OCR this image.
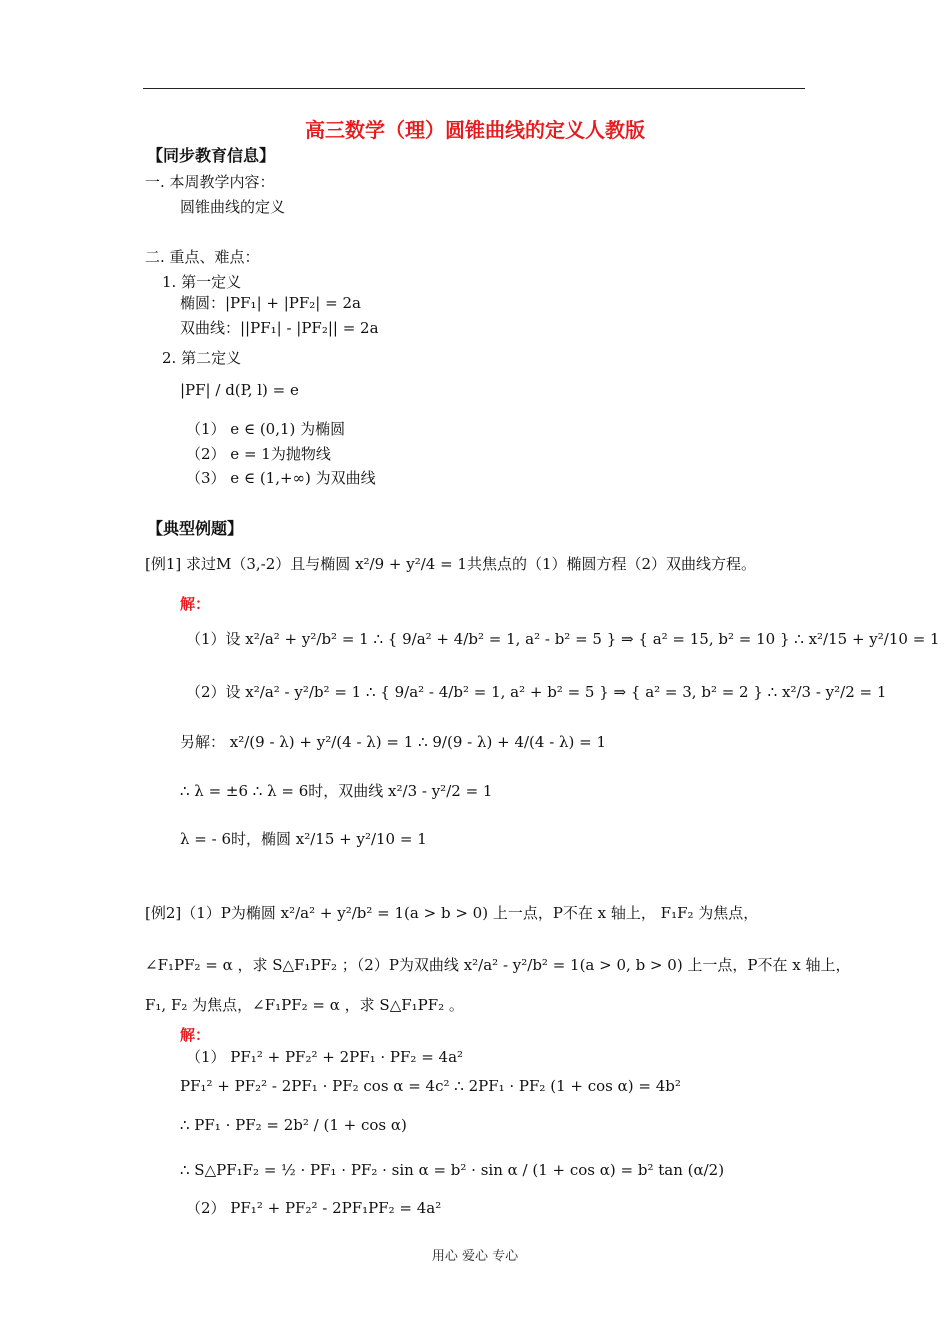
高三数学（理）圆锥曲线的定义人教版
【同步教育信息】
一. 本周教学内容：
圆锥曲线的定义
二. 重点、难点：
1. 第一定义
椭圆：|PF₁| + |PF₂| = 2a
双曲线：||PF₁| - |PF₂|| = 2a
2. 第二定义
|PF| / d(P, l) = e
（1） e ∈ (0,1) 为椭圆
（2） e = 1为抛物线
（3） e ∈ (1,+∞) 为双曲线
【典型例题】
[例1] 求过M（3,-2）且与椭圆 x²/9 + y²/4 = 1共焦点的（1）椭圆方程（2）双曲线方程。
解：
（1）设 x²/a² + y²/b² = 1 ∴ { 9/a² + 4/b² = 1, a² - b² = 5 } ⇒ { a² = 15, b² = 10 } ∴ x²/15 + y²/10 = 1
（2）设 x²/a² - y²/b² = 1 ∴ { 9/a² - 4/b² = 1, a² + b² = 5 } ⇒ { a² = 3, b² = 2 } ∴ x²/3 - y²/2 = 1
另解： x²/(9 - λ) + y²/(4 - λ) = 1 ∴ 9/(9 - λ) + 4/(4 - λ) = 1
∴ λ = ±6 ∴ λ = 6时，双曲线 x²/3 - y²/2 = 1
λ = - 6时，椭圆 x²/15 + y²/10 = 1
[例2]（1）P为椭圆 x²/a² + y²/b² = 1(a > b > 0) 上一点，P不在 x 轴上， F₁F₂ 为焦点，
∠F₁PF₂ = α ，求 S△F₁PF₂ ；（2）P为双曲线 x²/a² - y²/b² = 1(a > 0, b > 0) 上一点，P不在 x 轴上，
F₁, F₂ 为焦点，∠F₁PF₂ = α ，求 S△F₁PF₂ 。
解：
（1） PF₁² + PF₂² + 2PF₁ · PF₂ = 4a²
PF₁² + PF₂² - 2PF₁ · PF₂ cos α = 4c² ∴ 2PF₁ · PF₂ (1 + cos α) = 4b²
∴ PF₁ · PF₂ = 2b² / (1 + cos α)
∴ S△PF₁F₂ = ½ · PF₁ · PF₂ · sin α = b² · sin α / (1 + cos α) = b² tan (α/2)
（2） PF₁² + PF₂² - 2PF₁PF₂ = 4a²
用心 爱心 专心
